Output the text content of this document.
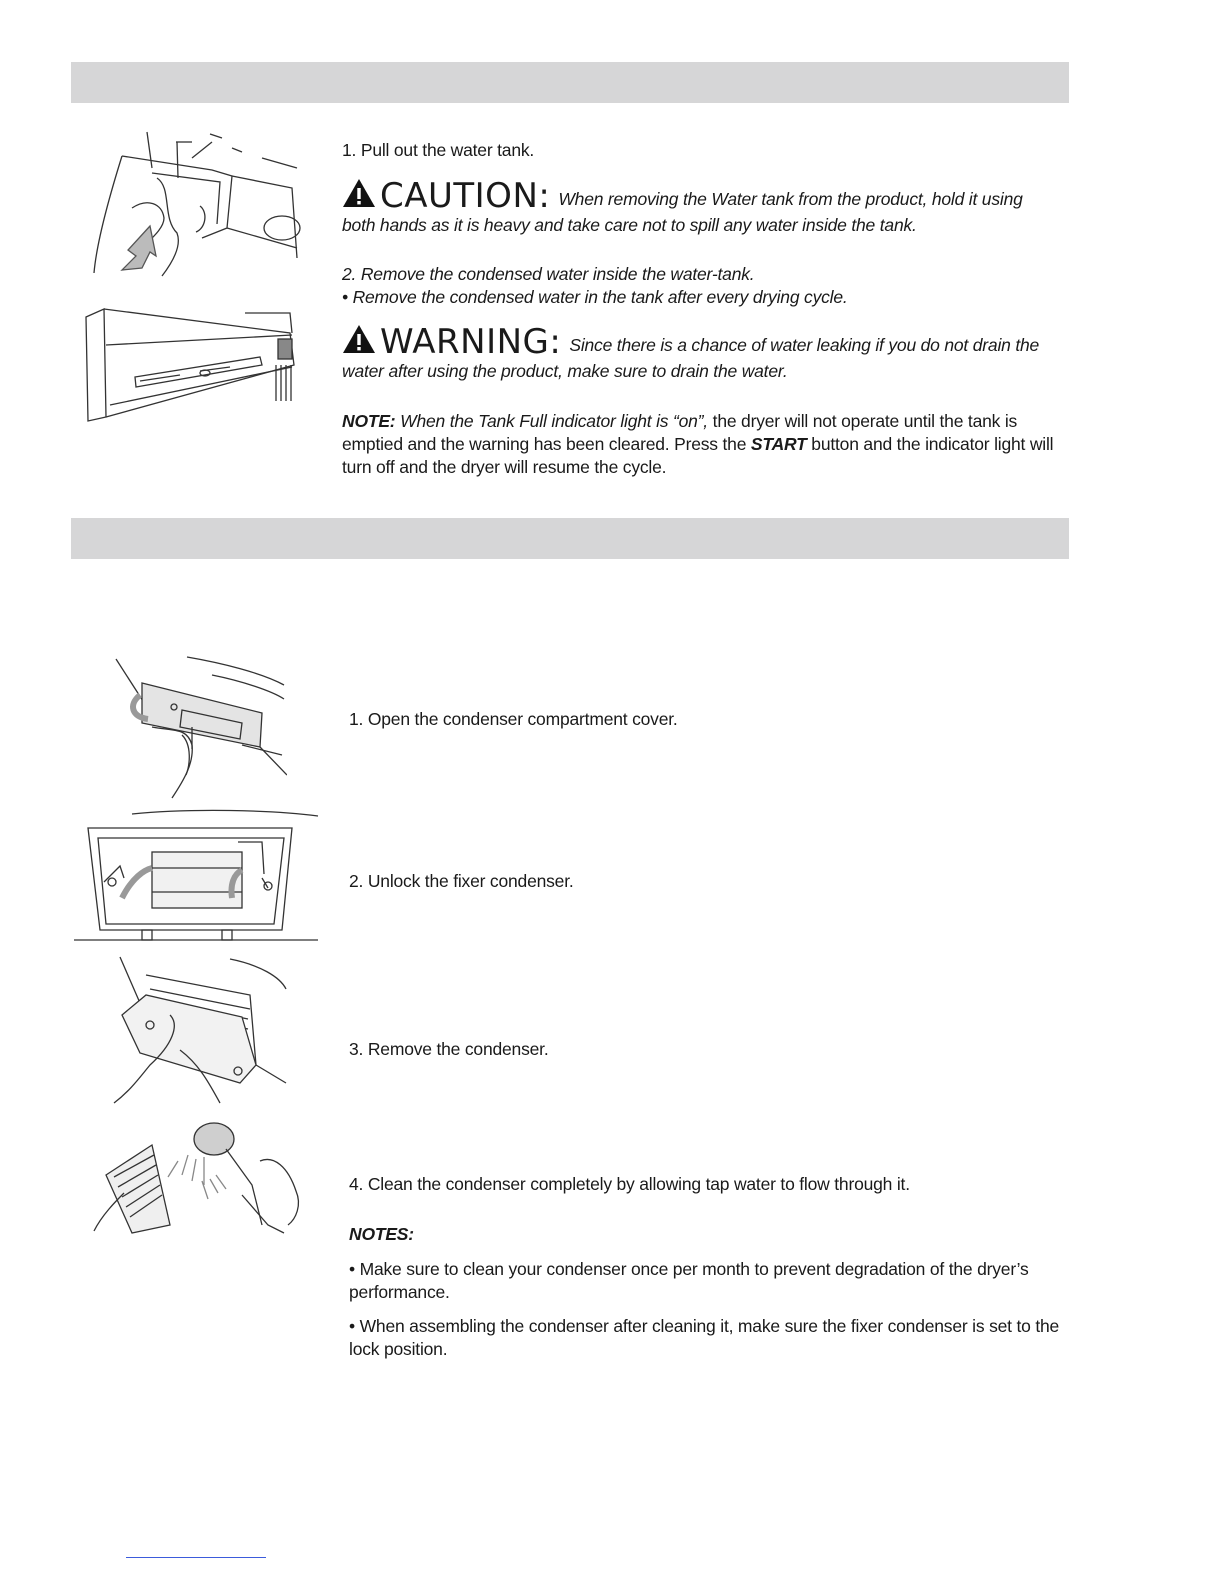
1. Pull out the water tank.
CAUTION: When removing the Water tank from the product, hold it using both hands as it is heavy and take care not to spill any water inside the tank.
2. Remove the condensed water inside the water-tank.
• Remove the condensed water in the tank after every drying cycle.
WARNING: Since there is a chance of water leaking if you do not drain the water after using the product, make sure to drain the water.
NOTE: When the Tank Full indicator light is “on”, the dryer will not operate until the tank is emptied and the warning has been cleared. Press the START button and the indicator light will turn off and the dryer will resume the cycle.
1. Open the condenser compartment cover.
2. Unlock the fixer condenser.
3. Remove the condenser.
4. Clean the condenser completely by allowing tap water to flow through it.
NOTES:
• Make sure to clean your condenser once per month to prevent degradation of the dryer’s performance.
• When assembling the condenser after cleaning it, make sure the fixer condenser is set to the lock position.
